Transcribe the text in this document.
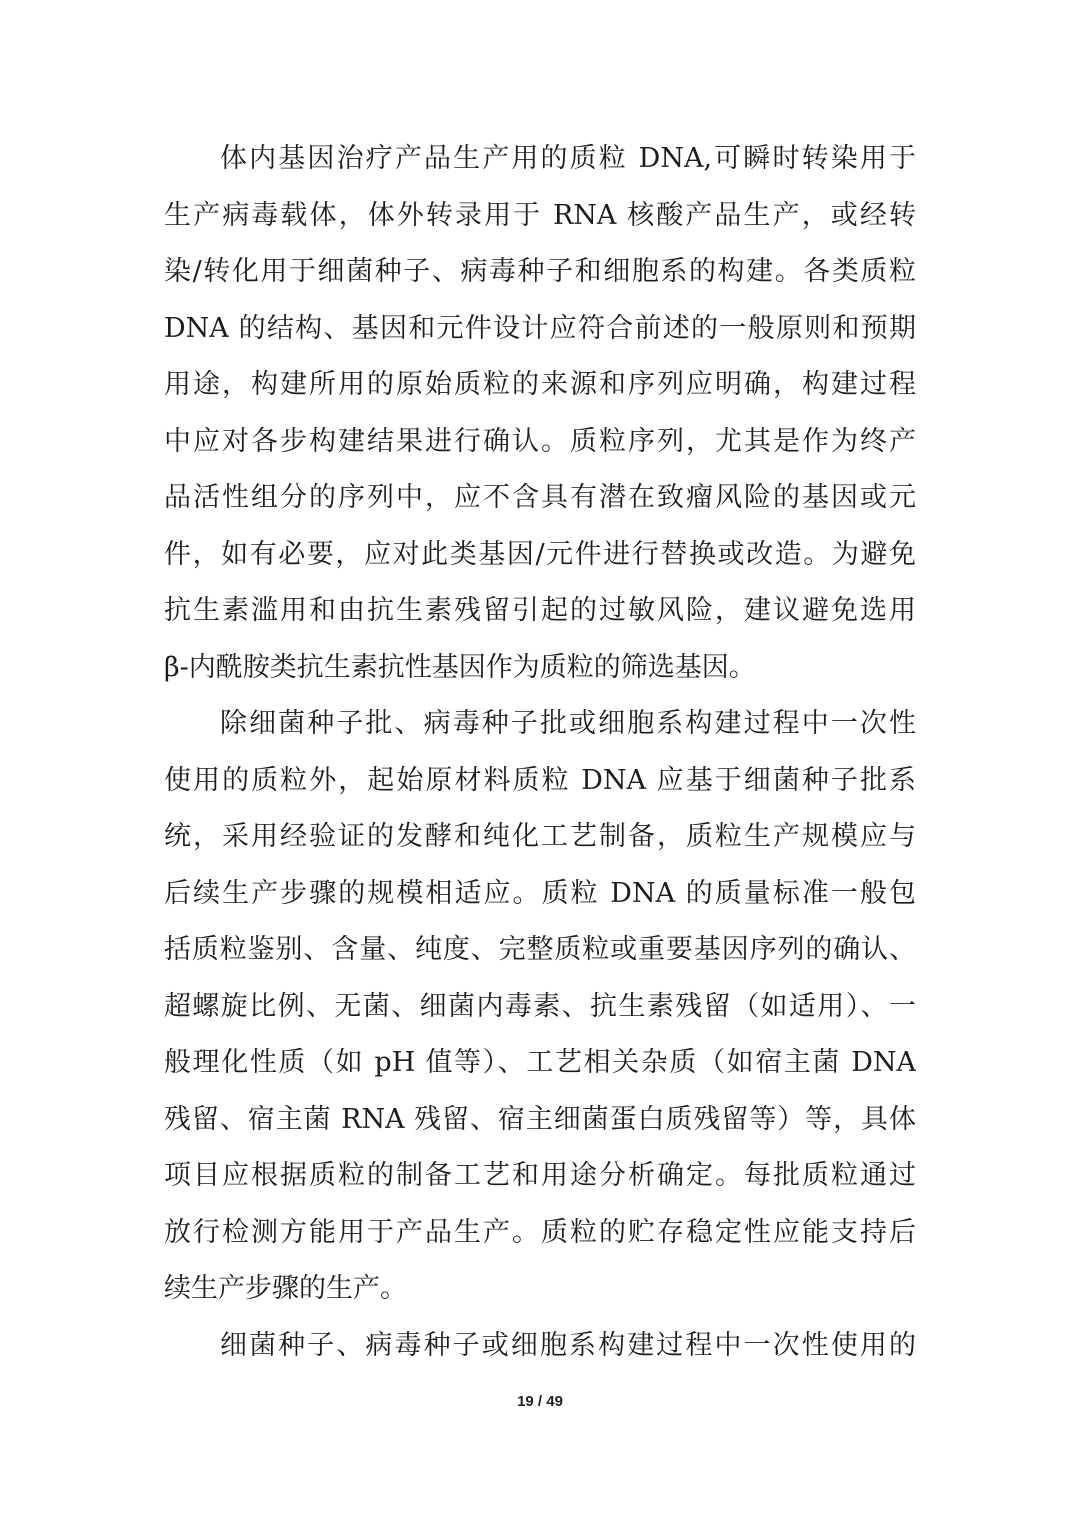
体内基因治疗产品生产用的质粒 DNA,可瞬时转染用于
生产病毒载体，体外转录用于 RNA 核酸产品生产，或经转
染/转化用于细菌种子、病毒种子和细胞系的构建。各类质粒
DNA 的结构、基因和元件设计应符合前述的一般原则和预期
用途，构建所用的原始质粒的来源和序列应明确，构建过程
中应对各步构建结果进行确认。质粒序列，尤其是作为终产
品活性组分的序列中，应不含具有潜在致瘤风险的基因或元
件，如有必要，应对此类基因/元件进行替换或改造。为避免
抗生素滥用和由抗生素残留引起的过敏风险，建议避免选用
β-内酰胺类抗生素抗性基因作为质粒的筛选基因。
除细菌种子批、病毒种子批或细胞系构建过程中一次性
使用的质粒外，起始原材料质粒 DNA 应基于细菌种子批系
统，采用经验证的发酵和纯化工艺制备，质粒生产规模应与
后续生产步骤的规模相适应。质粒 DNA 的质量标准一般包
括质粒鉴别、含量、纯度、完整质粒或重要基因序列的确认、
超螺旋比例、无菌、细菌内毒素、抗生素残留（如适用）、一
般理化性质（如 pH 值等）、工艺相关杂质（如宿主菌 DNA
残留、宿主菌 RNA 残留、宿主细菌蛋白质残留等）等，具体
项目应根据质粒的制备工艺和用途分析确定。每批质粒通过
放行检测方能用于产品生产。质粒的贮存稳定性应能支持后
续生产步骤的生产。
细菌种子、病毒种子或细胞系构建过程中一次性使用的
19 / 49
